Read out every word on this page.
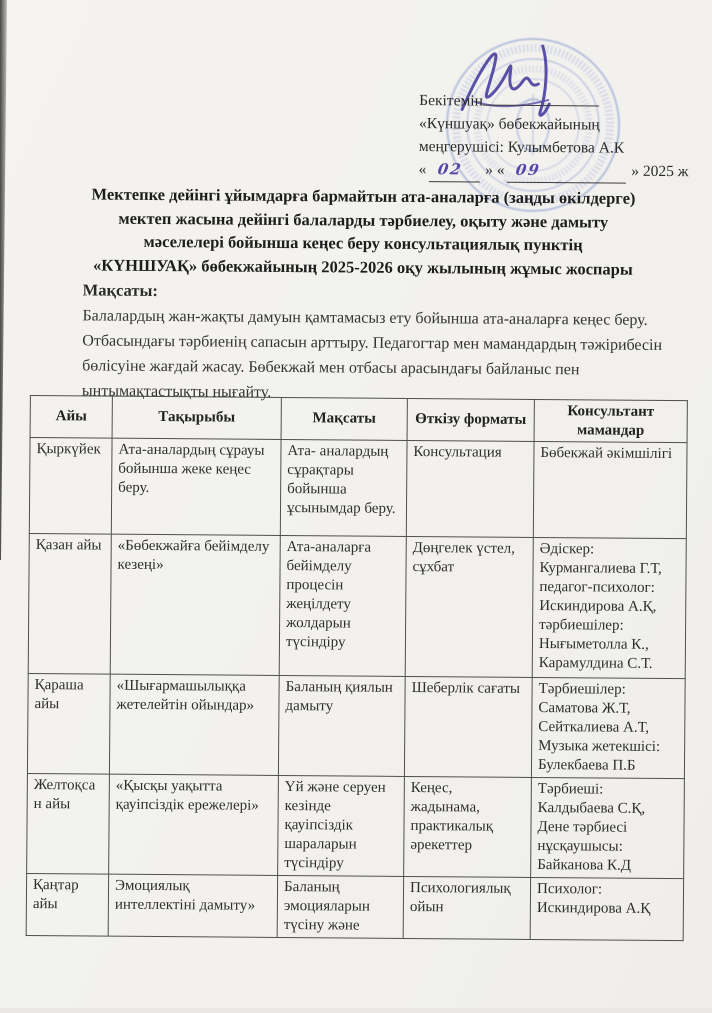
Бекітемін
«Күншуақ» бөбекжайының
меңгерушісі: Кулымбетова А.К
« 02 » « 09	» 2025 ж
Мектепке дейінгі ұйымдарға бармайтын ата-аналарға (заңды өкілдерге)
мектеп жасына дейінгі балаларды тәрбиелеу, оқыту және дамыту
мәселелері бойынша кеңес беру консультациялық пунктің
«КҮНШУАҚ» бөбекжайының 2025-2026 оқу жылының жұмыс жоспары
Мақсаты:
Балалардың жан-жақты дамуын қамтамасыз ету бойынша ата-аналарға кеңес беру. Отбасындағы тәрбиенің сапасын арттыру. Педагогтар мен мамандардың тәжірибесін бөлісуіне жағдай жасау. Бөбекжай мен отбасы арасындағы байланыс пен ынтымақтастықты нығайту.
Айы	Тақырыбы	Мақсаты	Өткізу форматы	Консультант мамандар
Қыркүйек	Ата-аналардың сұрауы бойынша жеке кеңес беру.	Ата- аналардың сұрақтары бойынша ұсынымдар беру.	Консультация	Бөбекжай әкімшілігі
Қазан айы	«Бөбекжайға бейімделу кезеңі»	Ата-аналарға бейімделу процесін жеңілдету жолдарын түсіндіру	Дөңгелек үстел, сұхбат	Әдіскер: Курмангалиева Г.Т, педагог-психолог: Искиндирова А.Қ, тәрбиешілер: Нығыметолла К., Карамулдина С.Т.
Қараша айы	«Шығармашылыққа жетелейтін ойындар»	Баланың қиялын дамыту	Шеберлік сағаты	Тәрбиешілер: Саматова Ж.Т, Сейткалиева А.Т, Музыка жетекшісі: Булекбаева П.Б
Желтоқсан айы	«Қысқы уақытта қауіпсіздік ережелері»	Үй және серуен кезінде қауіпсіздік шараларын түсіндіру	Кеңес, жадынама, практикалық әрекеттер	Тәрбиеші: Калдыбаева С.Қ, Дене тәрбиесі нұсқаушысы: Байканова К.Д
Қаңтар айы	Эмоциялық интеллектіні дамыту»	Баланың эмоцияларын түсіну және	Психологиялық ойын	Психолог: Искиндирова А.Қ
